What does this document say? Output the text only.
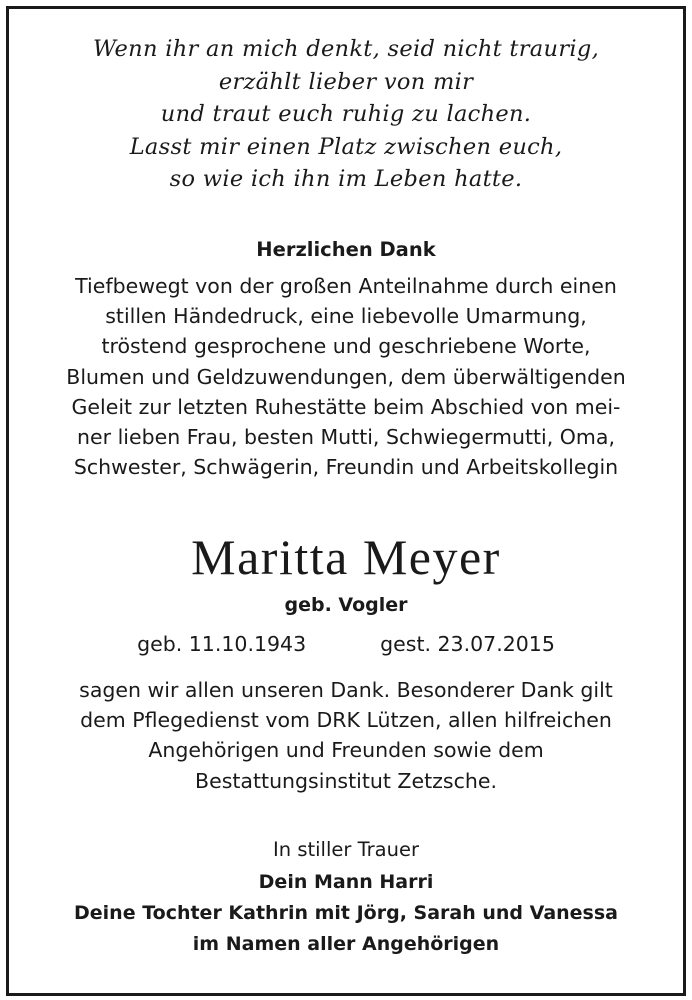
Wenn ihr an mich denkt, seid nicht traurig,
erzählt lieber von mir
und traut euch ruhig zu lachen.
Lasst mir einen Platz zwischen euch,
so wie ich ihn im Leben hatte.
Herzlichen Dank
Tiefbewegt von der großen Anteilnahme durch einen
stillen Händedruck, eine liebevolle Umarmung,
tröstend gesprochene und geschriebene Worte,
Blumen und Geldzuwendungen, dem überwältigenden
Geleit zur letzten Ruhestätte beim Abschied von mei-
ner lieben Frau, besten Mutti, Schwiegermutti, Oma,
Schwester, Schwägerin, Freundin und Arbeitskollegin
Maritta Meyer
geb. Vogler
geb. 11.10.1943	gest. 23.07.2015
sagen wir allen unseren Dank. Besonderer Dank gilt
dem Pflegedienst vom DRK Lützen, allen hilfreichen
Angehörigen und Freunden sowie dem
Bestattungsinstitut Zetzsche.
In stiller Trauer
Dein Mann Harri
Deine Tochter Kathrin mit Jörg, Sarah und Vanessa
im Namen aller Angehörigen
